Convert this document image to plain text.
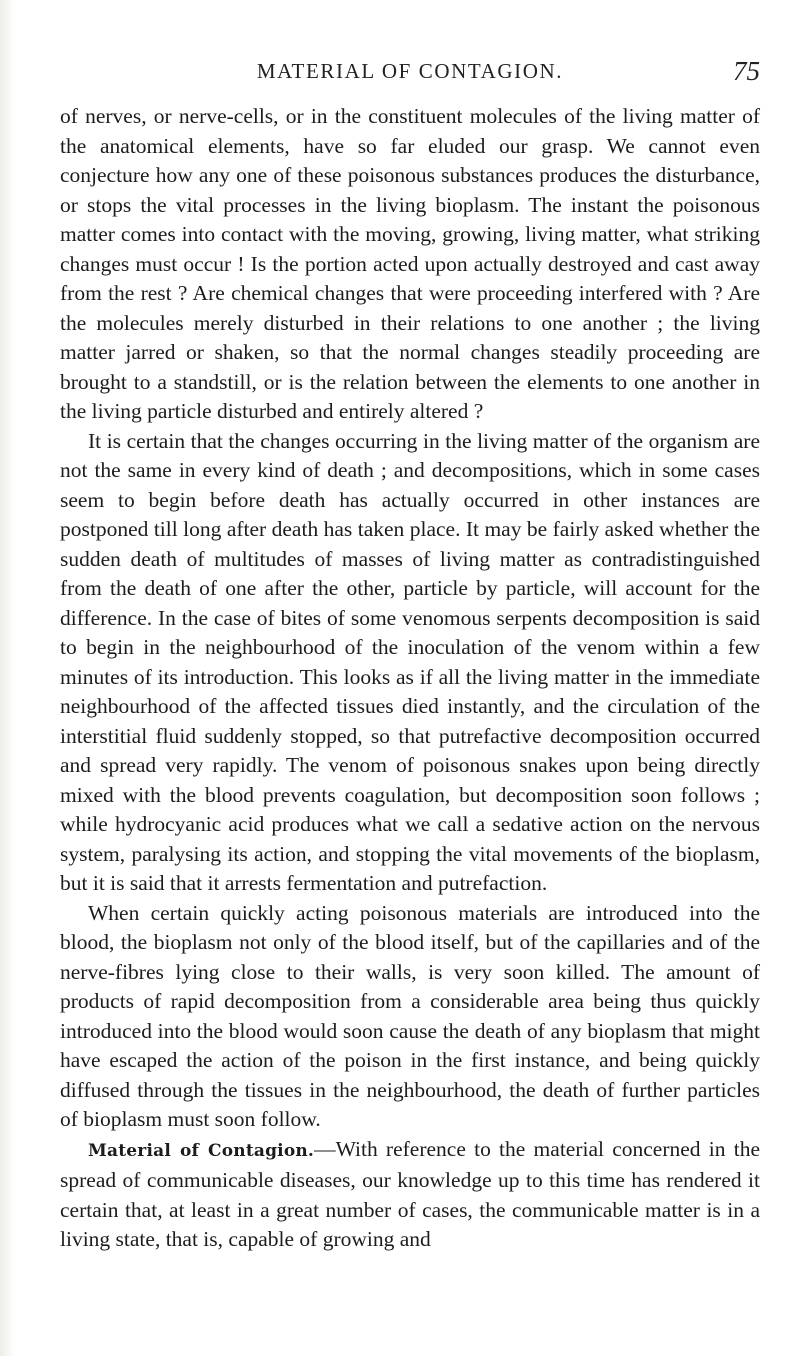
MATERIAL OF CONTAGION.	75

of nerves, or nerve-cells, or in the constituent molecules of the living matter of the anatomical elements, have so far eluded our grasp. We cannot even conjecture how any one of these poisonous substances produces the disturbance, or stops the vital processes in the living bioplasm. The instant the poisonous matter comes into contact with the moving, growing, living matter, what striking changes must occur ! Is the portion acted upon actually destroyed and cast away from the rest ? Are chemical changes that were proceeding interfered with ? Are the molecules merely disturbed in their relations to one another ; the living matter jarred or shaken, so that the normal changes steadily proceeding are brought to a standstill, or is the relation between the elements to one another in the living particle disturbed and entirely altered ?

It is certain that the changes occurring in the living matter of the organism are not the same in every kind of death ; and decompositions, which in some cases seem to begin before death has actually occurred in other instances are postponed till long after death has taken place. It may be fairly asked whether the sudden death of multitudes of masses of living matter as contradistinguished from the death of one after the other, particle by particle, will account for the difference. In the case of bites of some venomous serpents decomposition is said to begin in the neighbourhood of the inoculation of the venom within a few minutes of its introduction. This looks as if all the living matter in the immediate neighbourhood of the affected tissues died instantly, and the circulation of the interstitial fluid suddenly stopped, so that putrefactive decomposition occurred and spread very rapidly. The venom of poisonous snakes upon being directly mixed with the blood prevents coagulation, but decomposition soon follows ; while hydrocyanic acid produces what we call a sedative action on the nervous system, paralysing its action, and stopping the vital movements of the bioplasm, but it is said that it arrests fermentation and putrefaction.

When certain quickly acting poisonous materials are introduced into the blood, the bioplasm not only of the blood itself, but of the capillaries and of the nerve-fibres lying close to their walls, is very soon killed. The amount of products of rapid decomposition from a considerable area being thus quickly introduced into the blood would soon cause the death of any bioplasm that might have escaped the action of the poison in the first instance, and being quickly diffused through the tissues in the neighbourhood, the death of further particles of bioplasm must soon follow.

Material of Contagion.—With reference to the material concerned in the spread of communicable diseases, our knowledge up to this time has rendered it certain that, at least in a great number of cases, the communicable matter is in a living state, that is, capable of growing and
